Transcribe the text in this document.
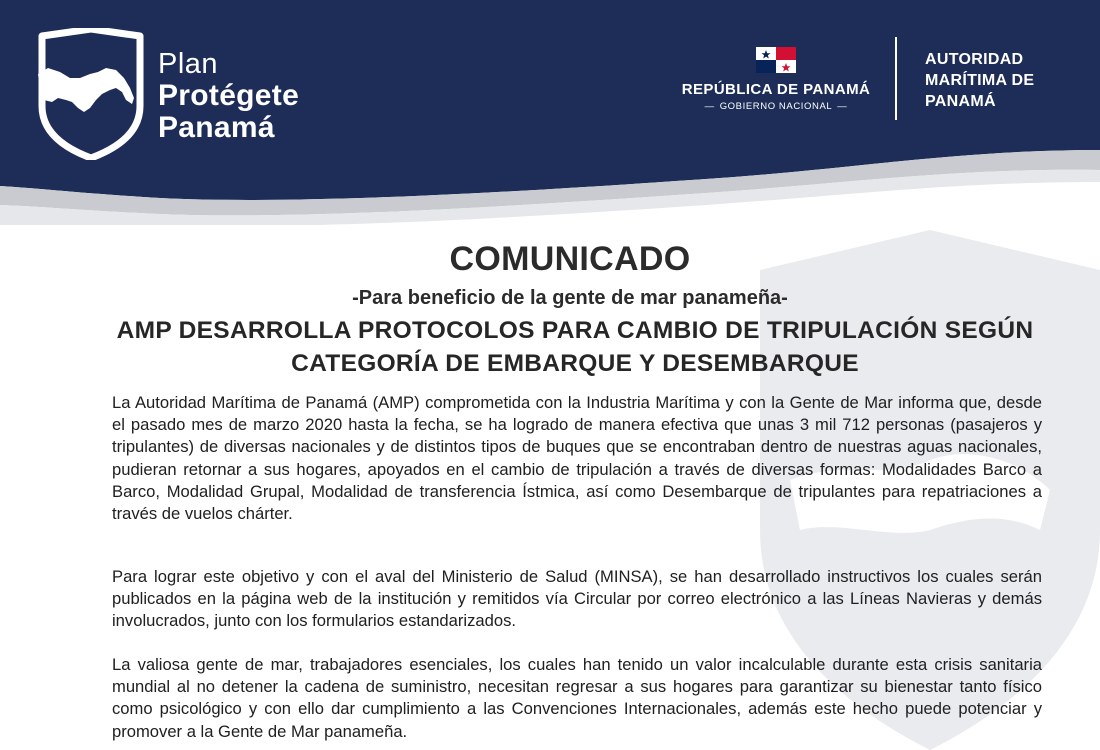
Plan
Protégete
Panamá
REPÚBLICA DE PANAMÁ
— GOBIERNO NACIONAL —
AUTORIDAD
MARÍTIMA DE
PANAMÁ
COMUNICADO
-Para beneficio de la gente de mar panameña-
AMP DESARROLLA PROTOCOLOS PARA CAMBIO DE TRIPULACIÓN SEGÚN
CATEGORÍA DE EMBARQUE Y DESEMBARQUE

La Autoridad Marítima de Panamá (AMP) comprometida con la Industria Marítima y con la Gente de Mar informa que, desde el pasado mes de marzo 2020 hasta la fecha, se ha logrado de manera efectiva que unas 3 mil 712 personas (pasajeros y tripulantes) de diversas nacionales y de distintos tipos de buques que se encontraban dentro de nuestras aguas nacionales, pudieran retornar a sus hogares, apoyados en el cambio de tripulación a través de diversas formas: Modalidades Barco a Barco, Modalidad Grupal, Modalidad de transferencia Ístmica, así como Desembarque de tripulantes para repatriaciones a través de vuelos chárter.

Para lograr este objetivo y con el aval del Ministerio de Salud (MINSA), se han desarrollado instructivos los cuales serán publicados en la página web de la institución y remitidos vía Circular por correo electrónico a las Líneas Navieras y demás involucrados, junto con los formularios estandarizados.

La valiosa gente de mar, trabajadores esenciales, los cuales han tenido un valor incalculable durante esta crisis sanitaria mundial al no detener la cadena de suministro, necesitan regresar a sus hogares para garantizar su bienestar tanto físico como psicológico y con ello dar cumplimiento a las Convenciones Internacionales, además este hecho puede potenciar y promover a la Gente de Mar panameña.
